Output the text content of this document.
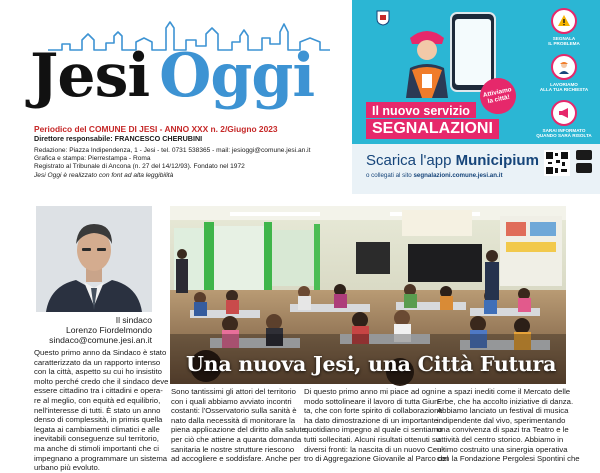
Jesi Oggi
Periodico del COMUNE DI JESI - ANNO XXX n. 2/Giugno 2023
Direttore responsabile: FRANCESCO CHERUBINI
Redazione: Piazza Indipendenza, 1 - Jesi - tel. 0731 538365 - mail: jesioggi@comune.jesi.an.it
Grafica e stampa: Pierrestampa - Roma
Registrato al Tribunale di Ancona (n. 27 del 14/12/93). Fondato nel 1972
Jesi Oggi è realizzato con font ad alta leggibilità
Attiviamo la città!
SEGNALA
IL PROBLEMA
LAVORIAMO
ALLA TUA RICHIESTA
SARAI INFORMATO
QUANDO SARÀ RISOLTA
Il nuovo servizio
SEGNALAZIONI
Scarica l'app Municipium
o collegati al sito segnalazioni.comune.jesi.an.it
Il sindaco
Lorenzo Fiordelmondo
sindaco@comune.jesi.an.it
Una nuova Jesi, una Città Futura
Questo primo anno da Sindaco è stato
caratterizzato da un rapporto intenso
con la città, aspetto su cui ho insistito
molto perché credo che il sindaco deve
essere cittadino tra i cittadini e opera-
re al meglio, con equità ed equilibrio,
nell'interesse di tutti. È stato un anno
denso di complessità, in primis quella
legata ai cambiamenti climatici e alle
inevitabili conseguenze sul territorio,
ma anche di stimoli importanti che ci
impegnano a programmare un sistema
urbano più evoluto.
Sono tantissimi gli attori del territorio
con i quali abbiamo avviato incontri
costanti: l'Osservatorio sulla sanità è
nato dalla necessità di monitorare la
piena applicazione del diritto alla salute
per ciò che attiene a quanta domanda
sanitaria le nostre strutture riescono
ad accogliere e soddisfare. Anche per
Di questo primo anno mi piace ad ogni
modo sottolineare il lavoro di tutta Giun-
ta, che con forte spirito di collaborazione
ha dato dimostrazione di un importante
quotidiano impegno al quale ci sentiamo
tutti sollecitati. Alcuni risultati ottenuti su
diversi fronti: la nascita di un nuovo Cen-
tro di Aggregazione Giovanile al Parco del
ne a spazi inediti come il Mercato delle
Erbe, che ha accolto iniziative di danza.
Abbiamo lanciato un festival di musica
indipendente dal vivo, sperimentando
una convivenza di spazi tra Teatro e le
attività del centro storico. Abbiamo in
ultimo costruito una sinergia operativa
con la Fondazione Pergolesi Spontini che
